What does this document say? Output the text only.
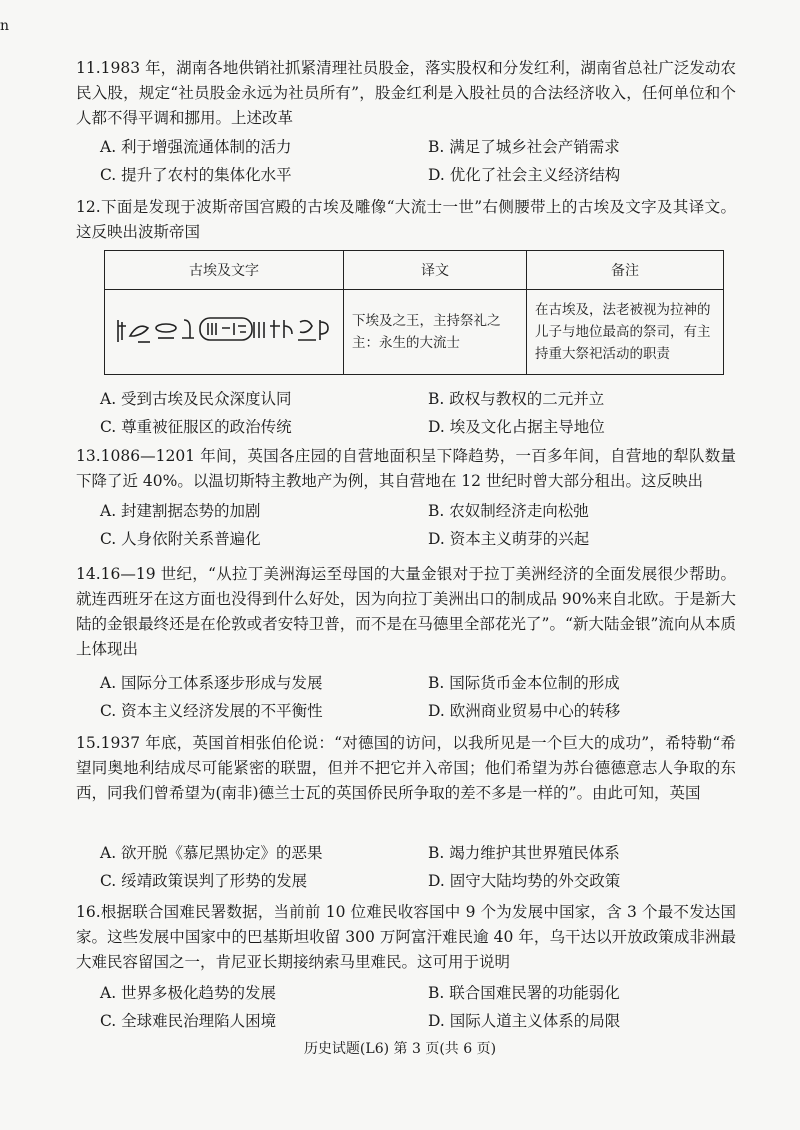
n

11.1983 年，湖南各地供销社抓紧清理社员股金，落实股权和分发红利，湖南省总社广泛发动农民入股，规定“社员股金永远为社员所有”，股金红利是入股社员的合法经济收入，任何单位和个人都不得平调和挪用。上述改革

A. 利于增强流通体制的活力	B. 满足了城乡社会产销需求
C. 提升了农村的集体化水平	D. 优化了社会主义经济结构

12.下面是发现于波斯帝国宫殿的古埃及雕像“大流士一世”右侧腰带上的古埃及文字及其译文。这反映出波斯帝国

古埃及文字	译文	备注
	下埃及之王，主持祭礼之主：永生的大流士	在古埃及，法老被视为拉神的儿子与地位最高的祭司，有主持重大祭祀活动的职责
A. 受到古埃及民众深度认同	B. 政权与教权的二元并立
C. 尊重被征服区的政治传统	D. 埃及文化占据主导地位

13.1086—1201 年间，英国各庄园的自营地面积呈下降趋势，一百多年间，自营地的犁队数量下降了近 40%。以温切斯特主教地产为例，其自营地在 12 世纪时曾大部分租出。这反映出

A. 封建割据态势的加剧	B. 农奴制经济走向松弛
C. 人身依附关系普遍化	D. 资本主义萌芽的兴起

14.16—19 世纪，“从拉丁美洲海运至母国的大量金银对于拉丁美洲经济的全面发展很少帮助。就连西班牙在这方面也没得到什么好处，因为向拉丁美洲出口的制成品 90%来自北欧。于是新大陆的金银最终还是在伦敦或者安特卫普，而不是在马德里全部花光了”。“新大陆金银”流向从本质上体现出

A. 国际分工体系逐步形成与发展	B. 国际货币金本位制的形成
C. 资本主义经济发展的不平衡性	D. 欧洲商业贸易中心的转移

15.1937 年底，英国首相张伯伦说：“对德国的访问，以我所见是一个巨大的成功”，希特勒“希望同奥地利结成尽可能紧密的联盟，但并不把它并入帝国；他们希望为苏台德德意志人争取的东西，同我们曾希望为(南非)德兰士瓦的英国侨民所争取的差不多是一样的”。由此可知，英国

A. 欲开脱《慕尼黑协定》的恶果	B. 竭力维护其世界殖民体系
C. 绥靖政策误判了形势的发展	D. 固守大陆均势的外交政策

16.根据联合国难民署数据，当前前 10 位难民收容国中 9 个为发展中国家，含 3 个最不发达国家。这些发展中国家中的巴基斯坦收留 300 万阿富汗难民逾 40 年，乌干达以开放政策成非洲最大难民容留国之一，肯尼亚长期接纳索马里难民。这可用于说明

A. 世界多极化趋势的发展	B. 联合国难民署的功能弱化
C. 全球难民治理陷人困境	D. 国际人道主义体系的局限
历史试题(L6) 第 3 页(共 6 页)
